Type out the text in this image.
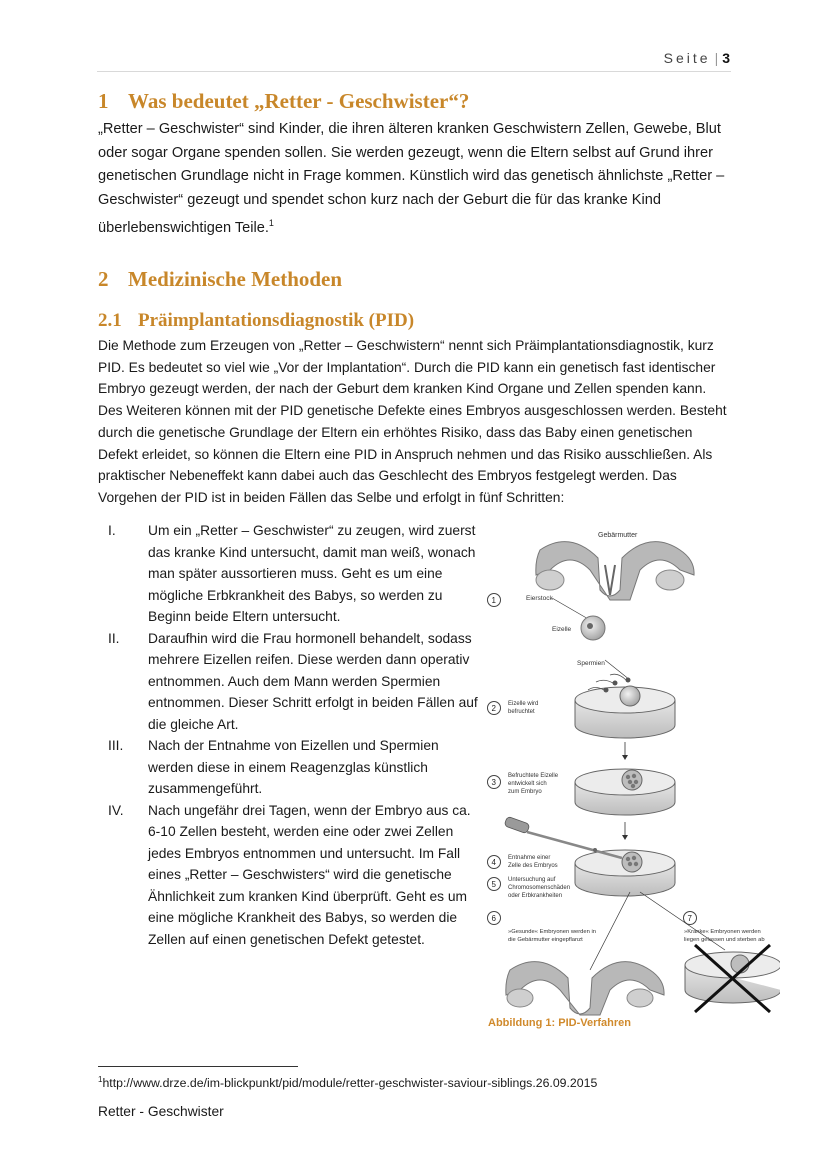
Seite | 3
1 Was bedeutet „Retter - Geschwister“?

„Retter – Geschwister“ sind Kinder, die ihren älteren kranken Geschwistern Zellen, Gewebe, Blut oder sogar Organe spenden sollen. Sie werden gezeugt, wenn die Eltern selbst auf Grund ihrer genetischen Grundlage nicht in Frage kommen. Künstlich wird das genetisch ähnlichste „Retter – Geschwister“ gezeugt und spendet schon kurz nach der Geburt die für das kranke Kind überlebenswichtigen Teile.$^1$

2 Medizinische Methoden
2.1 Präimplantationsdiagnostik (PID)

Die Methode zum Erzeugen von „Retter – Geschwistern“ nennt sich Präimplantationsdiagnostik, kurz PID. Es bedeutet so viel wie „Vor der Implantation“. Durch die PID kann ein genetisch fast identischer Embryo gezeugt werden, der nach der Geburt dem kranken Kind Organe und Zellen spenden kann. Des Weiteren können mit der PID genetische Defekte eines Embryos ausgeschlossen werden. Besteht durch die genetische Grundlage der Eltern ein erhöhtes Risiko, dass das Baby einen genetischen Defekt erleidet, so können die Eltern eine PID in Anspruch nehmen und das Risiko ausschließen. Als praktischer Nebeneffekt kann dabei auch das Geschlecht des Embryos festgelegt werden. Das Vorgehen der PID ist in beiden Fällen das Selbe und erfolgt in fünf Schritten:

I. Um ein „Retter – Geschwister“ zu zeugen, wird zuerst das kranke Kind untersucht, damit man weiß, wonach man später aussortieren muss. Geht es um eine mögliche Erbkrankheit des Babys, so werden zu Beginn beide Eltern untersucht.
II. Daraufhin wird die Frau hormonell behandelt, sodass mehrere Eizellen reifen. Diese werden dann operativ entnommen. Auch dem Mann werden Spermien entnommen. Dieser Schritt erfolgt in beiden Fällen auf die gleiche Art.
III. Nach der Entnahme von Eizellen und Spermien werden diese in einem Reagenzglas künstlich zusammengeführt.
IV. Nach ungefähr drei Tagen, wenn der Embryo aus ca. 6-10 Zellen besteht, werden eine oder zwei Zellen jedes Embryos entnommen und untersucht. Im Fall eines „Retter – Geschwisters“ wird die genetische Ähnlichkeit zum kranken Kind überprüft. Geht es um eine mögliche Krankheit des Babys, so werden die Zellen auf einen genetischen Defekt getestet.
Gebärmutter
1	Eierstock
Eizelle
Spermien
2 Eizelle wird
befruchtet
3
Befruchtete Eizelle
entwickelt sich
zum Embryo
4 Entnahme einer
Zelle des Embryos
5 Untersuchung auf
Chromosomenschäden
oder Erbkrankheiten
6
»Gesunde« Embryonen werden in
die Gebärmutter eingepflanzt
7
»Kranke« Embryonen werden
liegen gelassen und sterben ab
Abbildung 1: PID-Verfahren
$^1$http://www.drze.de/im-blickpunkt/pid/module/retter-geschwister-saviour-siblings.26.09.2015
Retter - Geschwister
